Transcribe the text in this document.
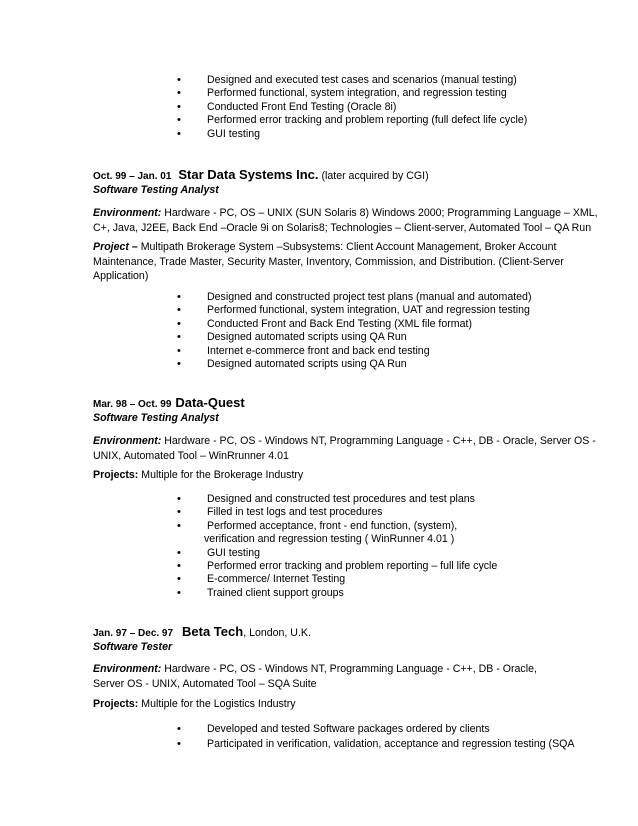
• Designed and executed test cases and scenarios (manual testing)
• Performed functional, system integration, and regression testing
• Conducted Front End Testing (Oracle 8i)
• Performed error tracking and problem reporting (full defect life cycle)
• GUI testing
Oct. 99 – Jan. 01 Star Data Systems Inc. (later acquired by CGI)
Software Testing Analyst
Environment: Hardware - PC, OS – UNIX (SUN Solaris 8) Windows 2000; Programming Language – XML, C+, Java, J2EE, Back End –Oracle 9i on Solaris8; Technologies – Client-server, Automated Tool – QA Run
Project – Multipath Brokerage System –Subsystems: Client Account Management, Broker Account Maintenance, Trade Master, Security Master, Inventory, Commission, and Distribution. (Client-Server Application)
• Designed and constructed project test plans (manual and automated)
• Performed functional, system integration, UAT and regression testing
• Conducted Front and Back End Testing (XML file format)
• Designed automated scripts using QA Run
• Internet e-commerce front and back end testing
• Designed automated scripts using QA Run
Mar. 98 – Oct. 99 Data-Quest
Software Testing Analyst
Environment: Hardware - PC, OS - Windows NT, Programming Language - C++, DB - Oracle, Server OS - UNIX, Automated Tool – WinRrunner 4.01
Projects: Multiple for the Brokerage Industry
• Designed and constructed test procedures and test plans
• Filled in test logs and test procedures
• Performed acceptance, front - end function, (system),
verification and regression testing ( WinRunner 4.01 )
• GUI testing
• Performed error tracking and problem reporting – full life cycle
• E-commerce/ Internet Testing
• Trained client support groups
Jan. 97 – Dec. 97 Beta Tech, London, U.K.
Software Tester
Environment: Hardware - PC, OS - Windows NT, Programming Language - C++, DB - Oracle,
Server OS - UNIX, Automated Tool – SQA Suite
Projects: Multiple for the Logistics Industry
• Developed and tested Software packages ordered by clients
• Participated in verification, validation, acceptance and regression testing (SQA
